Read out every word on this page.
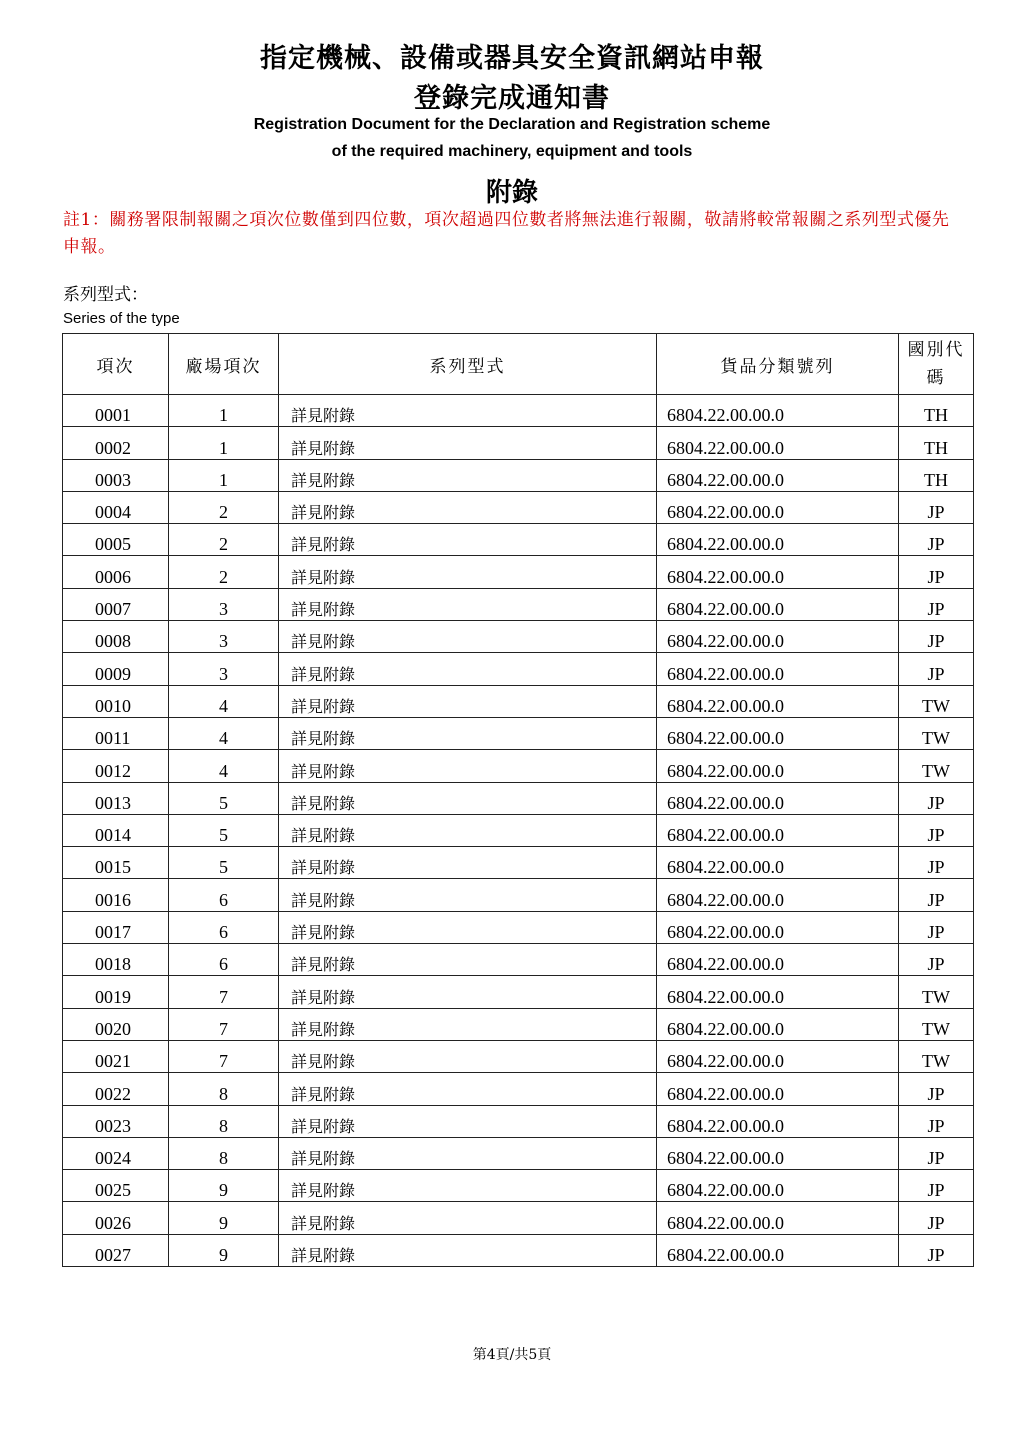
指定機械、設備或器具安全資訊網站申報
登錄完成通知書
Registration Document for the Declaration and Registration scheme
of the required machinery, equipment and tools
附錄
註1：關務署限制報關之項次位數僅到四位數，項次超過四位數者將無法進行報關，敬請將較常報關之系列型式優先申報。
系列型式：
Series of the type
項次	廠場項次	系列型式	貨品分類號列	國別代碼
0001	1	詳見附錄	6804.22.00.00.0	TH
0002	1	詳見附錄	6804.22.00.00.0	TH
0003	1	詳見附錄	6804.22.00.00.0	TH
0004	2	詳見附錄	6804.22.00.00.0	JP
0005	2	詳見附錄	6804.22.00.00.0	JP
0006	2	詳見附錄	6804.22.00.00.0	JP
0007	3	詳見附錄	6804.22.00.00.0	JP
0008	3	詳見附錄	6804.22.00.00.0	JP
0009	3	詳見附錄	6804.22.00.00.0	JP
0010	4	詳見附錄	6804.22.00.00.0	TW
0011	4	詳見附錄	6804.22.00.00.0	TW
0012	4	詳見附錄	6804.22.00.00.0	TW
0013	5	詳見附錄	6804.22.00.00.0	JP
0014	5	詳見附錄	6804.22.00.00.0	JP
0015	5	詳見附錄	6804.22.00.00.0	JP
0016	6	詳見附錄	6804.22.00.00.0	JP
0017	6	詳見附錄	6804.22.00.00.0	JP
0018	6	詳見附錄	6804.22.00.00.0	JP
0019	7	詳見附錄	6804.22.00.00.0	TW
0020	7	詳見附錄	6804.22.00.00.0	TW
0021	7	詳見附錄	6804.22.00.00.0	TW
0022	8	詳見附錄	6804.22.00.00.0	JP
0023	8	詳見附錄	6804.22.00.00.0	JP
0024	8	詳見附錄	6804.22.00.00.0	JP
0025	9	詳見附錄	6804.22.00.00.0	JP
0026	9	詳見附錄	6804.22.00.00.0	JP
0027	9	詳見附錄	6804.22.00.00.0	JP
第4頁/共5頁
